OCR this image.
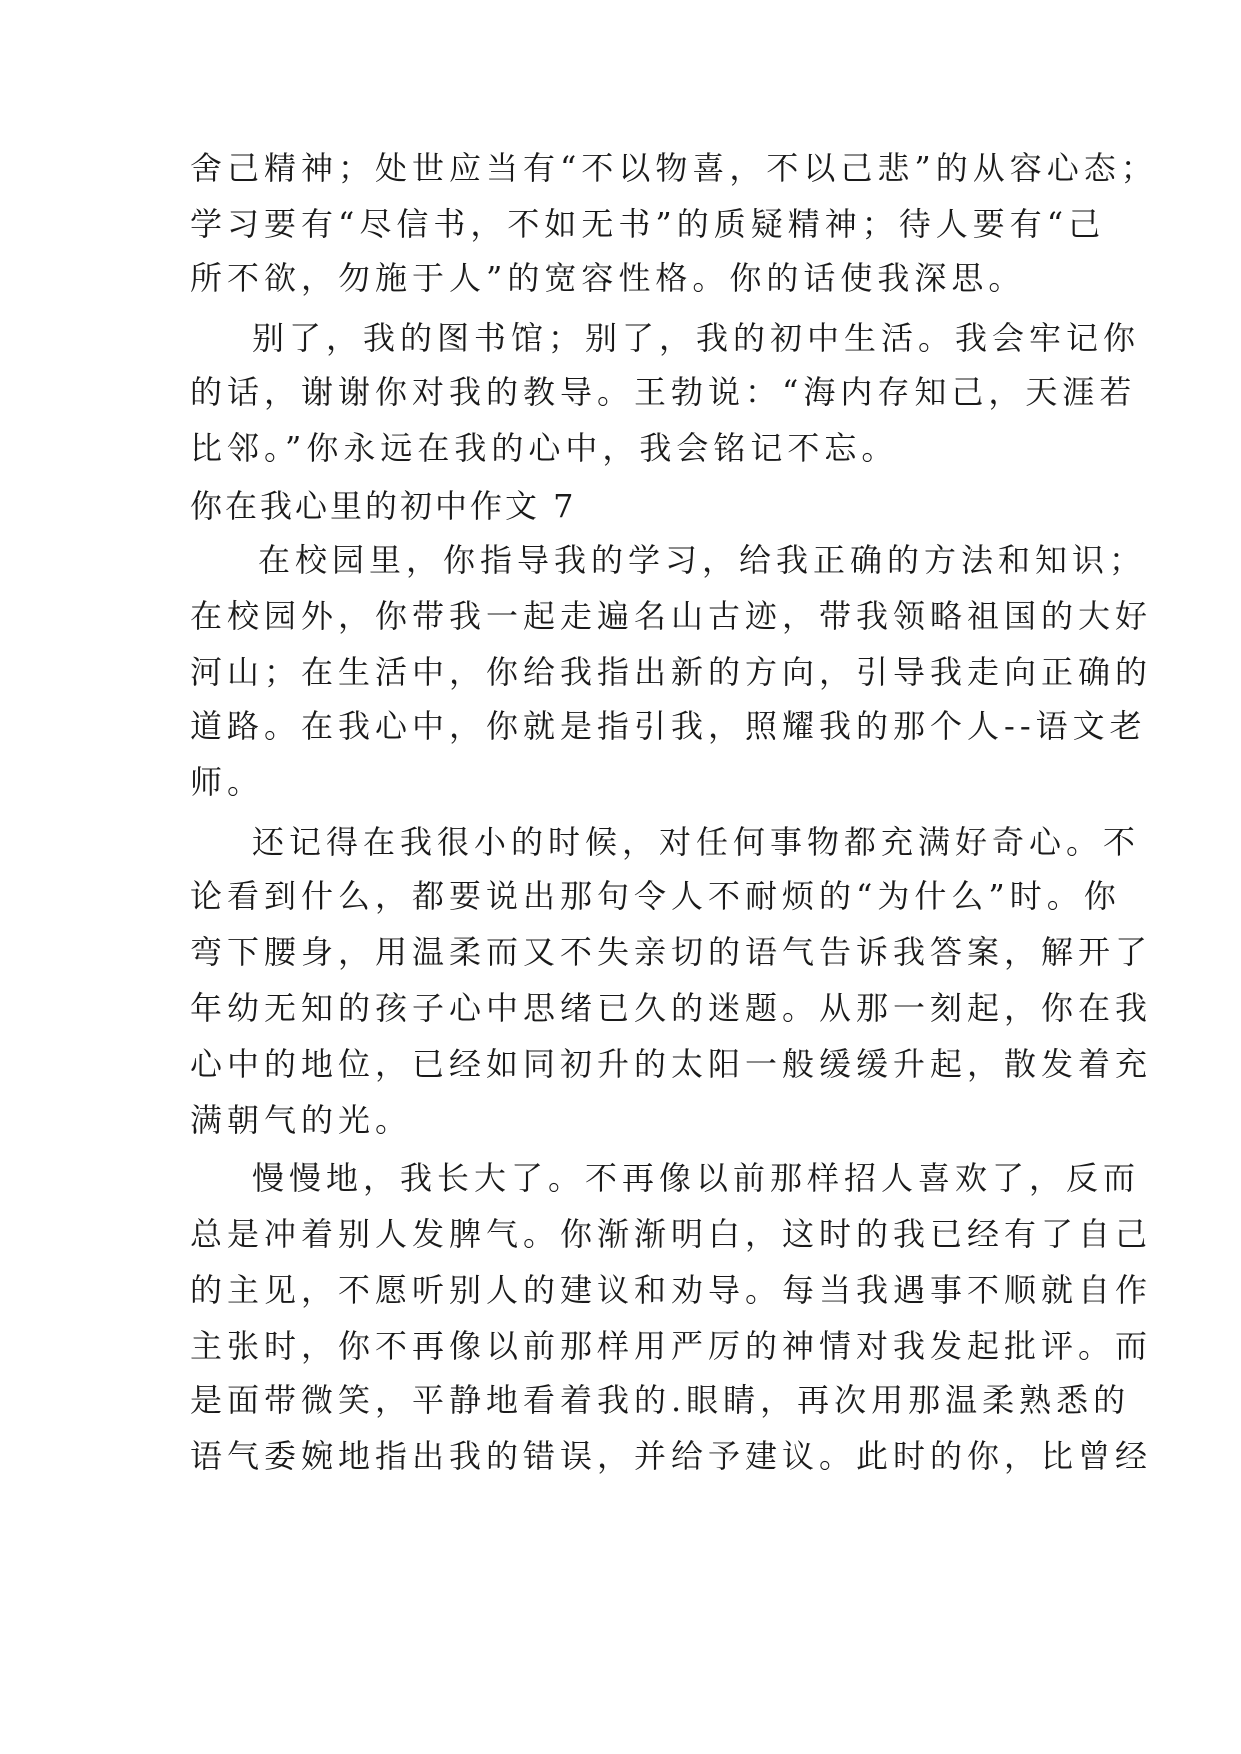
舍己精神；处世应当有“不以物喜，不以己悲”的从容心态；
学习要有“尽信书，不如无书”的质疑精神；待人要有“己
所不欲，勿施于人”的宽容性格。你的话使我深思。
别了，我的图书馆；别了，我的初中生活。我会牢记你
的话，谢谢你对我的教导。王勃说：“海内存知己，天涯若
比邻。”你永远在我的心中，我会铭记不忘。
你在我心里的初中作文 7
在校园里，你指导我的学习，给我正确的方法和知识；
在校园外，你带我一起走遍名山古迹，带我领略祖国的大好
河山；在生活中，你给我指出新的方向，引导我走向正确的
道路。在我心中，你就是指引我，照耀我的那个人--语文老
师。
还记得在我很小的时候，对任何事物都充满好奇心。不
论看到什么，都要说出那句令人不耐烦的“为什么”时。你
弯下腰身，用温柔而又不失亲切的语气告诉我答案，解开了
年幼无知的孩子心中思绪已久的迷题。从那一刻起，你在我
心中的地位，已经如同初升的太阳一般缓缓升起，散发着充
满朝气的光。
慢慢地，我长大了。不再像以前那样招人喜欢了，反而
总是冲着别人发脾气。你渐渐明白，这时的我已经有了自己
的主见，不愿听别人的建议和劝导。每当我遇事不顺就自作
主张时，你不再像以前那样用严厉的神情对我发起批评。而
是面带微笑，平静地看着我的.眼睛，再次用那温柔熟悉的
语气委婉地指出我的错误，并给予建议。此时的你，比曾经
